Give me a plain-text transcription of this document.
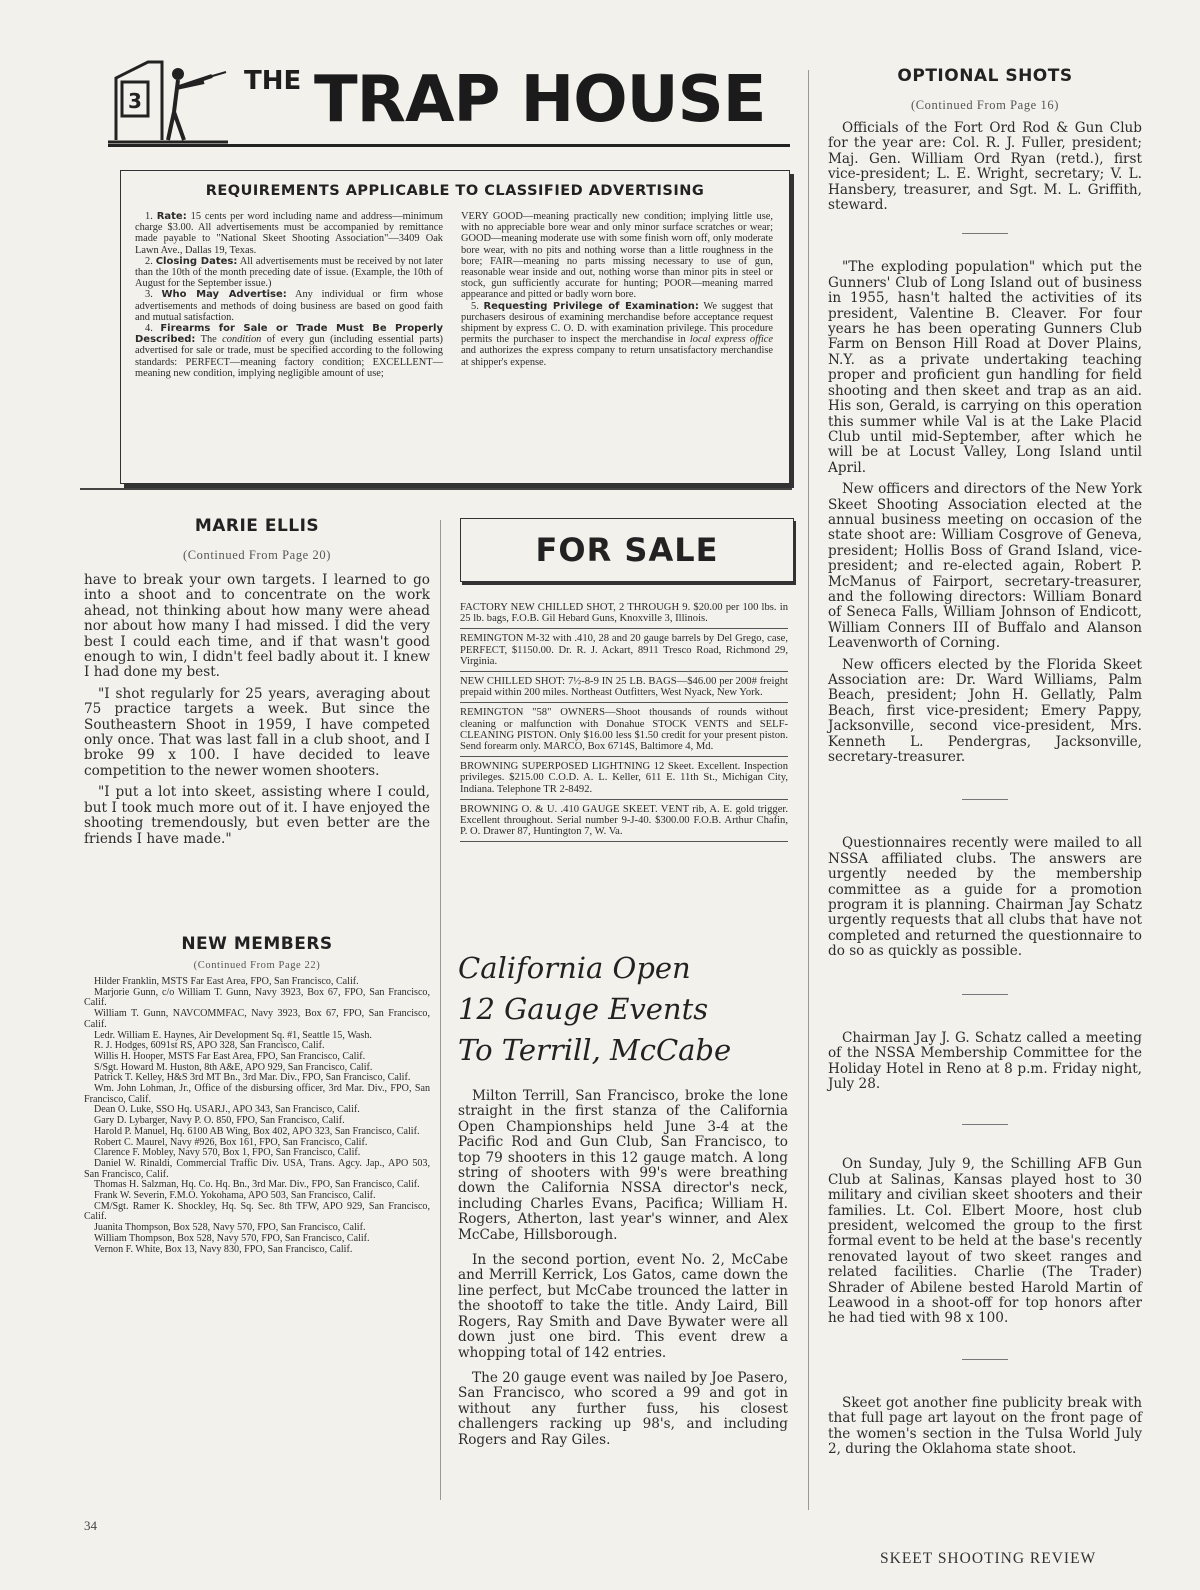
3
THE TRAP HOUSE
REQUIREMENTS APPLICABLE TO CLASSIFIED ADVERTISING

1. Rate: 15 cents per word including name and address—minimum charge $3.00. All advertisements must be accompanied by remittance made payable to "National Skeet Shooting Association"—3409 Oak Lawn Ave., Dallas 19, Texas.

2. Closing Dates: All advertisements must be received by not later than the 10th of the month preceding date of issue. (Example, the 10th of August for the September issue.)

3. Who May Advertise: Any individual or firm whose advertisements and methods of doing business are based on good faith and mutual satisfaction.

4. Firearms for Sale or Trade Must Be Properly Described: The condition of every gun (including essential parts) advertised for sale or trade, must be specified according to the following standards: PERFECT—meaning factory condition; EXCELLENT—meaning new condition, implying negligible amount of use;

VERY GOOD—meaning practically new condition; implying little use, with no appreciable bore wear and only minor surface scratches or wear; GOOD—meaning moderate use with some finish worn off, only moderate bore wear, with no pits and nothing worse than a little roughness in the bore; FAIR—meaning no parts missing necessary to use of gun, reasonable wear inside and out, nothing worse than minor pits in steel or stock, gun sufficiently accurate for hunting; POOR—meaning marred appearance and pitted or badly worn bore.

5. Requesting Privilege of Examination: We suggest that purchasers desirous of examining merchandise before acceptance request shipment by express C. O. D. with examination privilege. This procedure permits the purchaser to inspect the merchandise in local express office and authorizes the express company to return unsatisfactory merchandise at shipper's expense.

MARIE ELLIS
(Continued From Page 20)

have to break your own targets. I learned to go into a shoot and to concentrate on the work ahead, not thinking about how many were ahead nor about how many I had missed. I did the very best I could each time, and if that wasn't good enough to win, I didn't feel badly about it. I knew I had done my best.

"I shot regularly for 25 years, averaging about 75 practice targets a week. But since the Southeastern Shoot in 1959, I have competed only once. That was last fall in a club shoot, and I broke 99 x 100. I have decided to leave competition to the newer women shooters.

"I put a lot into skeet, assisting where I could, but I took much more out of it. I have enjoyed the shooting tremendously, but even better are the friends I have made."

NEW MEMBERS
(Continued From Page 22)

Hilder Franklin, MSTS Far East Area, FPO, San Francisco, Calif.

Marjorie Gunn, c/o William T. Gunn, Navy 3923, Box 67, FPO, San Francisco, Calif.

William T. Gunn, NAVCOMMFAC, Navy 3923, Box 67, FPO, San Francisco, Calif.

Ledr. William E. Haynes, Air Development Sq. #1, Seattle 15, Wash.

R. J. Hodges, 6091st RS, APO 328, San Francisco, Calif.

Willis H. Hooper, MSTS Far East Area, FPO, San Francisco, Calif.

S/Sgt. Howard M. Huston, 8th A&E, APO 929, San Francisco, Calif.

Patrick T. Kelley, H&S 3rd MT Bn., 3rd Mar. Div., FPO, San Francisco, Calif.

Wm. John Lohman, Jr., Office of the disbursing officer, 3rd Mar. Div., FPO, San Francisco, Calif.

Dean O. Luke, SSO Hq. USARJ., APO 343, San Francisco, Calif.

Gary D. Lybarger, Navy P. O. 850, FPO, San Francisco, Calif.

Harold P. Manuel, Hq. 6100 AB Wing, Box 402, APO 323, San Francisco, Calif.

Robert C. Maurel, Navy #926, Box 161, FPO, San Francisco, Calif.

Clarence F. Mobley, Navy 570, Box 1, FPO, San Francisco, Calif.

Daniel W. Rinaldi, Commercial Traffic Div. USA, Trans. Agcy. Jap., APO 503, San Francisco, Calif.

Thomas H. Salzman, Hq. Co. Hq. Bn., 3rd Mar. Div., FPO, San Francisco, Calif.

Frank W. Severin, F.M.O. Yokohama, APO 503, San Francisco, Calif.

CM/Sgt. Ramer K. Shockley, Hq. Sq. Sec. 8th TFW, APO 929, San Francisco, Calif.

Juanita Thompson, Box 528, Navy 570, FPO, San Francisco, Calif.

William Thompson, Box 528, Navy 570, FPO, San Francisco, Calif.

Vernon F. White, Box 13, Navy 830, FPO, San Francisco, Calif.

FOR SALE
FACTORY NEW CHILLED SHOT, 2 THROUGH 9. $20.00 per 100 lbs. in 25 lb. bags, F.O.B. Gil Hebard Guns, Knoxville 3, Illinois.
REMINGTON M-32 with .410, 28 and 20 gauge barrels by Del Grego, case, PERFECT, $1150.00. Dr. R. J. Ackart, 8911 Tresco Road, Richmond 29, Virginia.
NEW CHILLED SHOT: 7½-8-9 IN 25 LB. BAGS—$46.00 per 200# freight prepaid within 200 miles. Northeast Outfitters, West Nyack, New York.
REMINGTON "58" OWNERS—Shoot thousands of rounds without cleaning or malfunction with Donahue STOCK VENTS and SELF-CLEANING PISTON. Only $16.00 less $1.50 credit for your present piston. Send forearm only. MARCO, Box 6714S, Baltimore 4, Md.
BROWNING SUPERPOSED LIGHTNING 12 Skeet. Excellent. Inspection privileges. $215.00 C.O.D. A. L. Keller, 611 E. 11th St., Michigan City, Indiana. Telephone TR 2-8492.
BROWNING O. & U. .410 GAUGE SKEET. VENT rib, A. E. gold trigger. Excellent throughout. Serial number 9-J-40. $300.00 F.O.B. Arthur Chafin, P. O. Drawer 87, Huntington 7, W. Va.
California Open
12 Gauge Events
To Terrill, McCabe

Milton Terrill, San Francisco, broke the lone straight in the first stanza of the California Open Championships held June 3-4 at the Pacific Rod and Gun Club, San Francisco, to top 79 shooters in this 12 gauge match. A long string of shooters with 99's were breathing down the California NSSA director's neck, including Charles Evans, Pacifica; William H. Rogers, Atherton, last year's winner, and Alex McCabe, Hillsborough.

In the second portion, event No. 2, McCabe and Merrill Kerrick, Los Gatos, came down the line perfect, but McCabe trounced the latter in the shootoff to take the title. Andy Laird, Bill Rogers, Ray Smith and Dave Bywater were all down just one bird. This event drew a whopping total of 142 entries.

The 20 gauge event was nailed by Joe Pasero, San Francisco, who scored a 99 and got in without any further fuss, his closest challengers racking up 98's, and including Rogers and Ray Giles.

OPTIONAL SHOTS
(Continued From Page 16)

Officials of the Fort Ord Rod & Gun Club for the year are: Col. R. J. Fuller, president; Maj. Gen. William Ord Ryan (retd.), first vice-president; L. E. Wright, secretary; V. L. Hansbery, treasurer, and Sgt. M. L. Griffith, steward.

"The exploding population" which put the Gunners' Club of Long Island out of business in 1955, hasn't halted the activities of its president, Valentine B. Cleaver. For four years he has been operating Gunners Club Farm on Benson Hill Road at Dover Plains, N.Y. as a private undertaking teaching proper and proficient gun handling for field shooting and then skeet and trap as an aid. His son, Gerald, is carrying on this operation this summer while Val is at the Lake Placid Club until mid-September, after which he will be at Locust Valley, Long Island until April.

New officers and directors of the New York Skeet Shooting Association elected at the annual business meeting on occasion of the state shoot are: William Cosgrove of Geneva, president; Hollis Boss of Grand Island, vice-president; and re-elected again, Robert P. McManus of Fairport, secretary-treasurer, and the following directors: William Bonard of Seneca Falls, William Johnson of Endicott, William Conners III of Buffalo and Alanson Leavenworth of Corning.

New officers elected by the Florida Skeet Association are: Dr. Ward Williams, Palm Beach, president; John H. Gellatly, Palm Beach, first vice-president; Emery Pappy, Jacksonville, second vice-president, Mrs. Kenneth L. Pendergras, Jacksonville, secretary-treasurer.

Questionnaires recently were mailed to all NSSA affiliated clubs. The answers are urgently needed by the membership committee as a guide for a promotion program it is planning. Chairman Jay Schatz urgently requests that all clubs that have not completed and returned the questionnaire to do so as quickly as possible.

Chairman Jay J. G. Schatz called a meeting of the NSSA Membership Committee for the Holiday Hotel in Reno at 8 p.m. Friday night, July 28.

On Sunday, July 9, the Schilling AFB Gun Club at Salinas, Kansas played host to 30 military and civilian skeet shooters and their families. Lt. Col. Elbert Moore, host club president, welcomed the group to the first formal event to be held at the base's recently renovated layout of two skeet ranges and related facilities. Charlie (The Trader) Shrader of Abilene bested Harold Martin of Leawood in a shoot-off for top honors after he had tied with 98 x 100.

Skeet got another fine publicity break with that full page art layout on the front page of the women's section in the Tulsa World July 2, during the Oklahoma state shoot.

34
SKEET SHOOTING REVIEW
